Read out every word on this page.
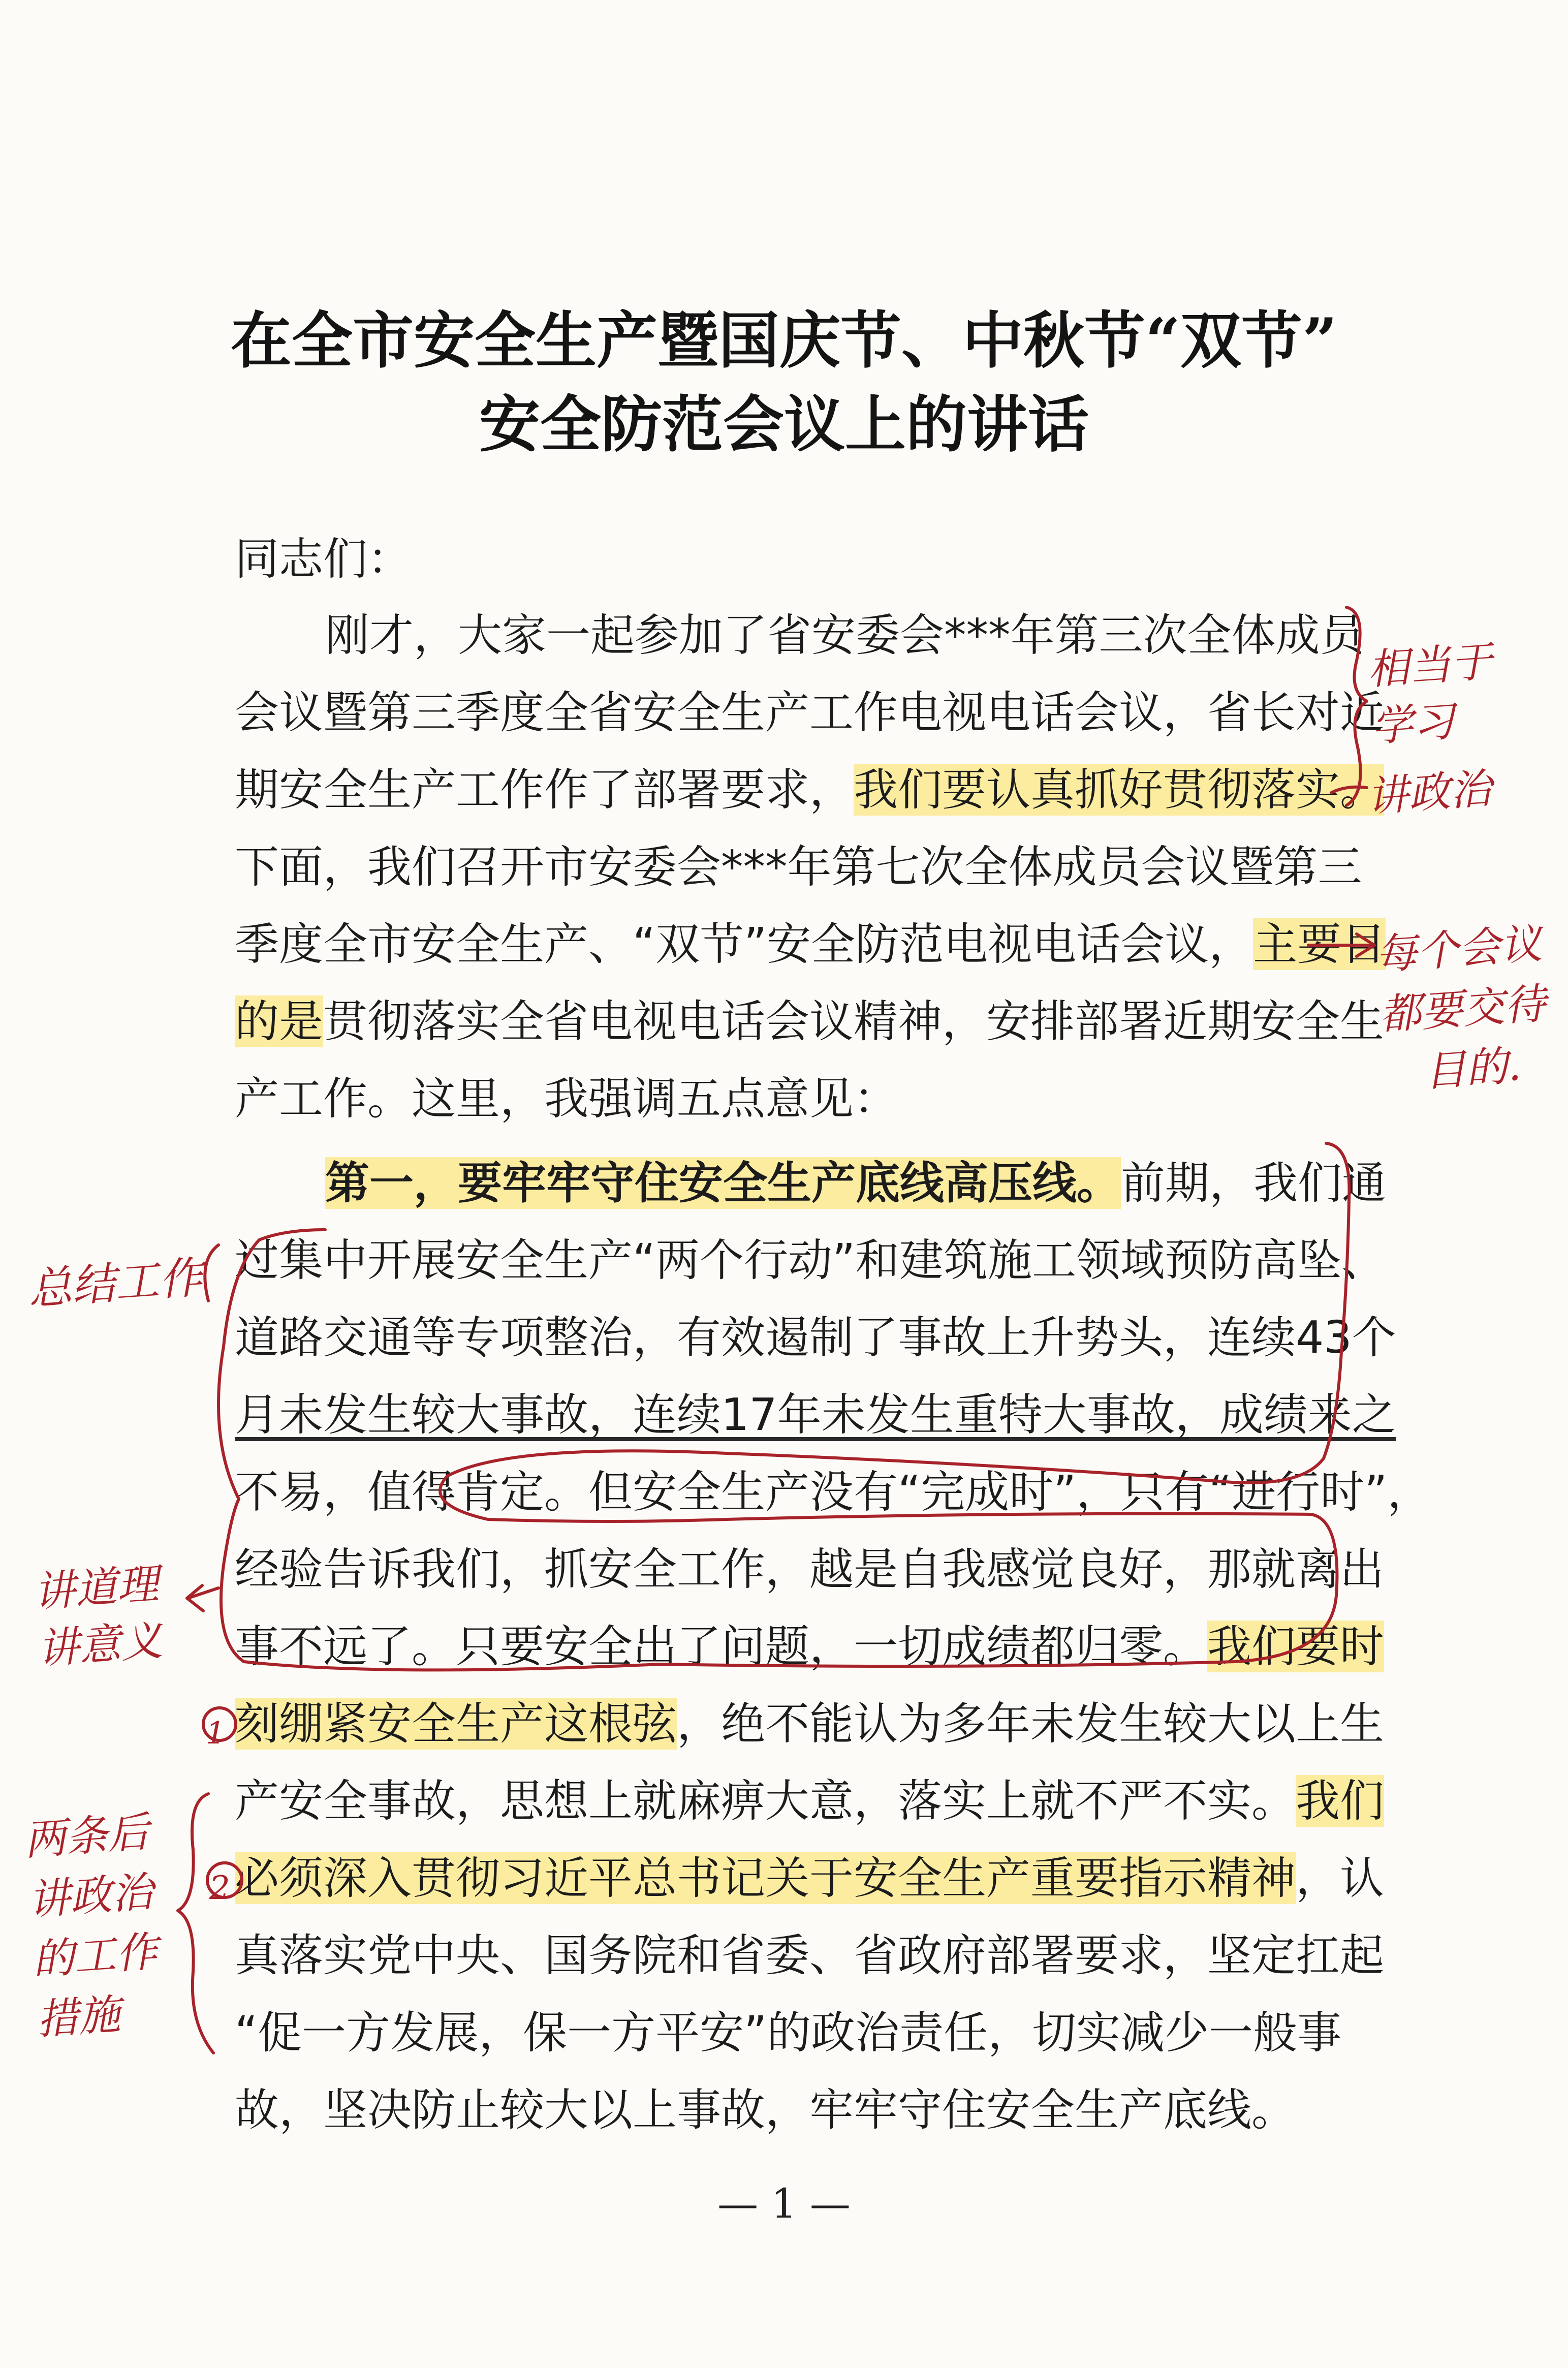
在全市安全生产暨国庆节、中秋节“双节”
安全防范会议上的讲话
同志们：
刚才，大家一起参加了省安委会***年第三次全体成员
会议暨第三季度全省安全生产工作电视电话会议，省长对近
期安全生产工作作了部署要求，我们要认真抓好贯彻落实。
下面，我们召开市安委会***年第七次全体成员会议暨第三
季度全市安全生产、“双节”安全防范电视电话会议，主要目
的是贯彻落实全省电视电话会议精神，安排部署近期安全生
产工作。这里，我强调五点意见：
第一，要牢牢守住安全生产底线高压线。前期，我们通
过集中开展安全生产“两个行动”和建筑施工领域预防高坠、
道路交通等专项整治，有效遏制了事故上升势头，连续43个
月未发生较大事故，连续17年未发生重特大事故，成绩来之
不易，值得肯定。但安全生产没有“完成时”，只有“进行时”，
经验告诉我们，抓安全工作，越是自我感觉良好，那就离出
事不远了。只要安全出了问题，一切成绩都归零。我们要时
刻绷紧安全生产这根弦，绝不能认为多年未发生较大以上生
产安全事故，思想上就麻痹大意，落实上就不严不实。我们
必须深入贯彻习近平总书记关于安全生产重要指示精神，认
真落实党中央、国务院和省委、省政府部署要求，坚定扛起
“促一方发展，保一方平安”的政治责任，切实减少一般事
故，坚决防止较大以上事故，牢牢守住安全生产底线。
— 1 —
相当于
学习
讲政治
每个会议
都要交待
目的.
总结工作
讲道理
讲意义
1
2
两条后
讲政治
的工作
措施
